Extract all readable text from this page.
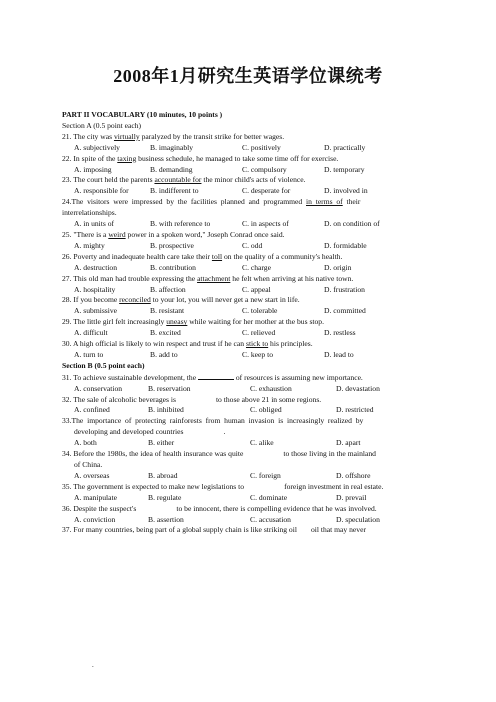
2008年1月研究生英语学位课统考
PART II VOCABULARY (10 minutes, 10 points )
Section A (0.5 point each)
21. The city was virtually paralyzed by the transit strike for better wages.
A. subjectively	B. imaginably	C. positively	D. practically
22. In spite of the taxing business schedule, he managed to take some time off for exercise.
A. imposing	B. demanding	C. compulsory	D. temporary
23. The court held the parents accountable for the minor child's acts of violence.
A. responsible for	B. indifferent to	C. desperate for	D. involved in
24.The  visitors  were  impressed  by  the  facilities  planned  and  programmed  in  terms  of  their
interrelationships.
A. in units of	B. with reference to	C. in aspects of	D. on condition of
25. "There is a weird power in a spoken word," Joseph Conrad once said.
A. mighty	B. prospective	C. odd	D. formidable
26. Poverty and inadequate health care take their toll on the quality of a community's health.
A. destruction	B. contribution	C. charge	D. origin
27. This old man had trouble expressing the attachment he felt when arriving at his native town.
A. hospitality	B. affection	C. appeal	D. frustration
28. If you become reconciled to your lot, you will never get a new start in life.
A. submissive	B. resistant	C. tolerable	D. committed
29. The little girl felt increasingly uneasy while waiting for her mother at the bus stop.
A. difficult	B. excited	C. relieved	D. restless
30. A high official is likely to win respect and trust if he can stick to his principles.
A. turn to	B. add to	C. keep to	D. lead to
Section B (0.5 point each)
31. To achieve sustainable development, the	of resources is assuming new importance.
A. conservation	B. reservation	C. exhaustion	D. devastation
32. The sale of alcoholic beverages is	to those above 21 in some regions.
A. confined	B. inhibited	C. obliged	D. restricted
33.The  importance  of  protecting  rainforests  from  human  invasion  is  increasingly  realized  by
developing and developed countries	.
A. both	B. either	C. alike	D. apart
34. Before the 1980s, the idea of health insurance was quite	to those living in the mainland
of China.
A. overseas	B. abroad	C. foreign	D. offshore
35. The government is expected to make new legislations to	foreign investment in real estate.
A. manipulate	B. regulate	C. dominate	D. prevail
36. Despite the suspect's	to be innocent, there is compelling evidence that he was involved.
A. conviction	B. assertion	C. accusation	D. speculation
37. For many countries, being part of a global supply chain is like striking oil oil that may never
.
